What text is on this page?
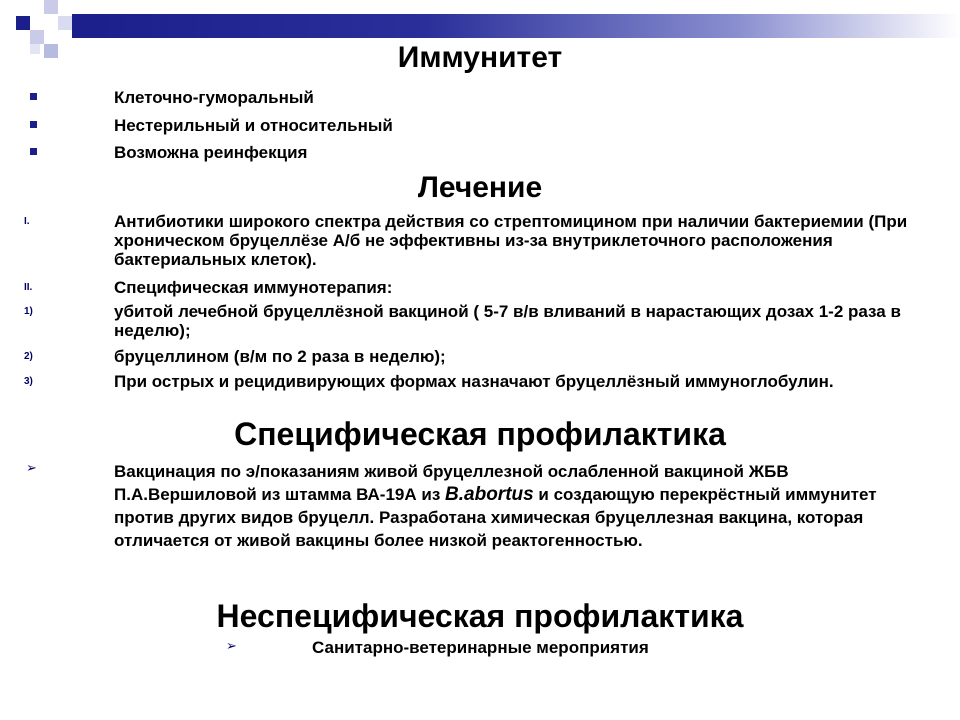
Иммунитет
Клеточно-гуморальный
Нестерильный и относительный
Возможна реинфекция
Лечение
I.	Антибиотики широкого спектра действия со стрептомицином при наличии бактериемии (При хроническом бруцеллёзе А/б не эффективны из-за внутриклеточного расположения бактериальных клеток).
II.	Специфическая иммунотерапия:
1)	убитой лечебной бруцеллёзной вакциной ( 5-7 в/в вливаний в нарастающих дозах 1-2 раза в неделю);
2)	бруцеллином (в/м по 2 раза в неделю);
3)	При острых и рецидивирующих формах назначают бруцеллёзный иммуноглобулин.
Специфическая профилактика
➢	Вакцинация по э/показаниям живой бруцеллезной ослабленной вакциной ЖБВ П.А.Вершиловой из штамма ВА-19А из B.abortus и создающую перекрёстный иммунитет против других видов бруцелл. Разработана химическая бруцеллезная вакцина, которая отличается от живой вакцины более низкой реактогенностью.
Неспецифическая профилактика
➢	Санитарно-ветеринарные мероприятия
